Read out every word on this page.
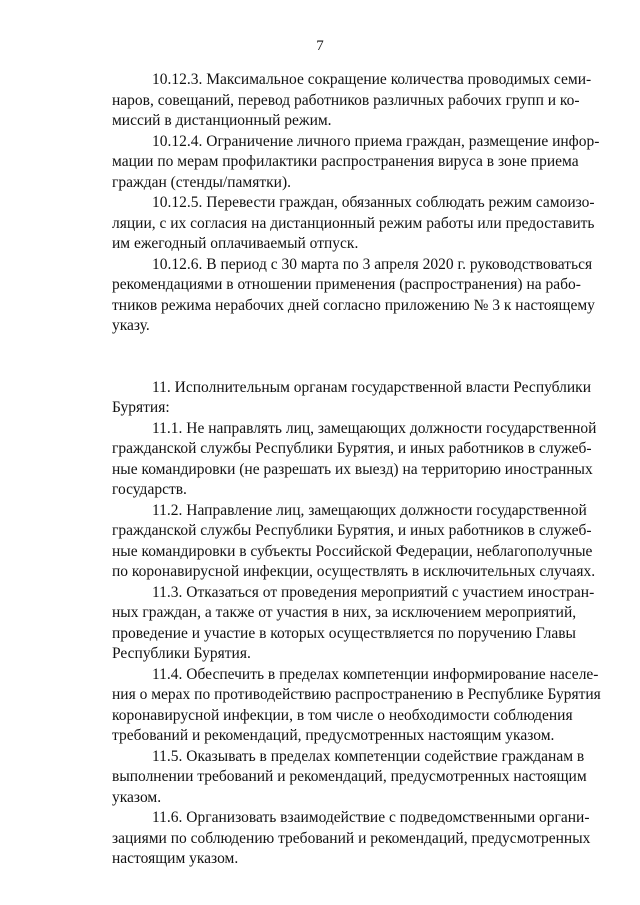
7

10.12.3. Максимальное сокращение количества проводимых семи-
наров, совещаний, перевод работников различных рабочих групп и ко-
миссий в дистанционный режим.

10.12.4. Ограничение личного приема граждан, размещение инфор-
мации по мерам профилактики распространения вируса в зоне приема
граждан (стенды/памятки).

10.12.5. Перевести граждан, обязанных соблюдать режим самоизо-
ляции, с их согласия на дистанционный режим работы или предоставить
им ежегодный оплачиваемый отпуск.

10.12.6. В период с 30 марта по 3 апреля 2020 г. руководствоваться
рекомендациями в отношении применения (распространения) на рабо-
тников режима нерабочих дней согласно приложению № 3 к настоящему
указу.

11. Исполнительным органам государственной власти Республики
Бурятия:

11.1. Не направлять лиц, замещающих должности государственной
гражданской службы Республики Бурятия, и иных работников в служеб-
ные командировки (не разрешать их выезд) на территорию иностранных
государств.

11.2. Направление лиц, замещающих должности государственной
гражданской службы Республики Бурятия, и иных работников в служеб-
ные командировки в субъекты Российской Федерации, неблагополучные
по коронавирусной инфекции, осуществлять в исключительных случаях.

11.3. Отказаться от проведения мероприятий с участием иностран-
ных граждан, а также от участия в них, за исключением мероприятий,
проведение и участие в которых осуществляется по поручению Главы
Республики Бурятия.

11.4. Обеспечить в пределах компетенции информирование населе-
ния о мерах по противодействию распространению в Республике Бурятия
коронавирусной инфекции, в том числе о необходимости соблюдения
требований и рекомендаций, предусмотренных настоящим указом.

11.5. Оказывать в пределах компетенции содействие гражданам в
выполнении требований и рекомендаций, предусмотренных настоящим
указом.

11.6. Организовать взаимодействие с подведомственными органи-
зациями по соблюдению требований и рекомендаций, предусмотренных
настоящим указом.
